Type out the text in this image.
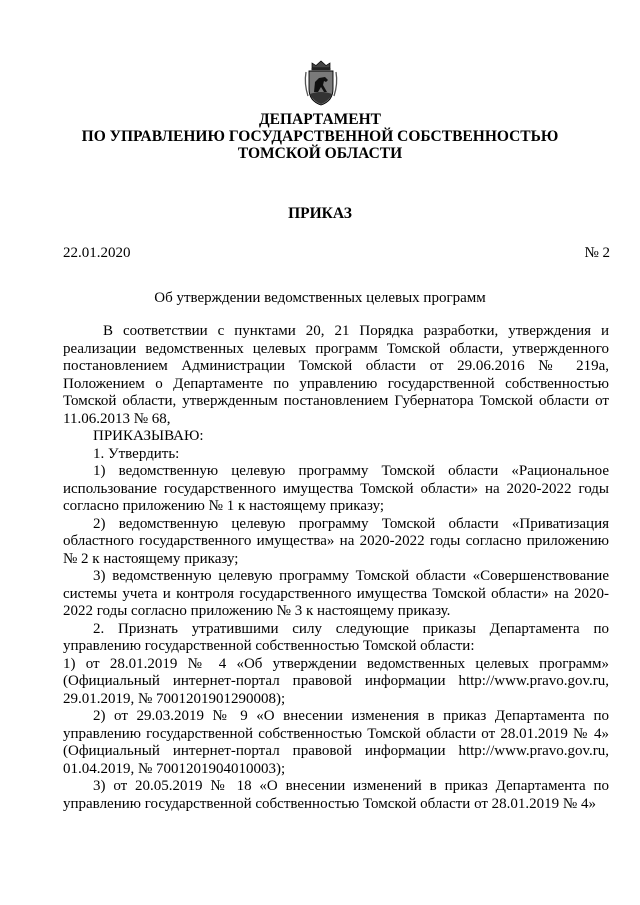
ДЕПАРТАМЕНТ
ПО УПРАВЛЕНИЮ ГОСУДАРСТВЕННОЙ СОБСТВЕННОСТЬЮ
ТОМСКОЙ ОБЛАСТИ
ПРИКАЗ
22.01.2020	№ 2
Об утверждении ведомственных целевых программ

В соответствии с пунктами 20, 21 Порядка разработки, утверждения и реализации ведомственных целевых программ Томской области, утвержденного постановлением Администрации Томской области от 29.06.2016 № 219а, Положением о Департаменте по управлению государственной собственностью Томской области, утвержденным постановлением Губернатора Томской области от 11.06.2013 № 68,

ПРИКАЗЫВАЮ:

1. Утвердить:

1) ведомственную целевую программу Томской области «Рациональное использование государственного имущества Томской области» на 2020-2022 годы согласно приложению № 1 к настоящему приказу;

2) ведомственную целевую программу Томской области «Приватизация областного государственного имущества» на 2020-2022 годы согласно приложению № 2 к настоящему приказу;

3) ведомственную целевую программу Томской области «Совершенствование системы учета и контроля государственного имущества Томской области» на 2020-2022 годы согласно приложению № 3 к настоящему приказу.

2. Признать утратившими силу следующие приказы Департамента по управлению государственной собственностью Томской области:

1) от 28.01.2019 № 4 «Об утверждении ведомственных целевых программ» (Официальный интернет-портал правовой информации http://www.pravo.gov.ru, 29.01.2019, № 7001201901290008);

2) от 29.03.2019 № 9 «О внесении изменения в приказ Департамента по управлению государственной собственностью Томской области от 28.01.2019 № 4» (Официальный интернет-портал правовой информации http://www.pravo.gov.ru, 01.04.2019, № 7001201904010003);

3) от 20.05.2019 № 18 «О внесении изменений в приказ Департамента по управлению государственной собственностью Томской области от 28.01.2019 № 4»
